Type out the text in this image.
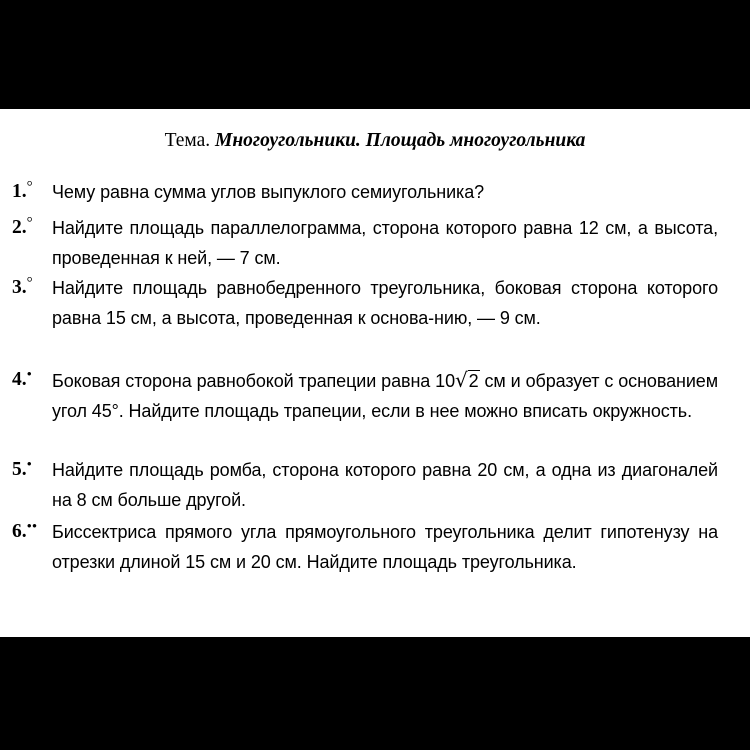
Тема. Многоугольники. Площадь многоугольника
1.°	Чему равна сумма углов выпуклого семиугольника?
2.°	Найдите площадь параллелограмма, сторона которого равна 12 см, а высота, проведенная к ней, — 7 см.
3.°	Найдите площадь равнобедренного треугольника, боковая сторона которого равна 15 см, а высота, проведенная к основа-нию, — 9 см.
4.•	Боковая сторона равнобокой трапеции равна 10√2 см и образует с основанием угол 45°. Найдите площадь трапеции, если в нее можно вписать окружность.
5.•	Найдите площадь ромба, сторона которого равна 20 см, а одна из диагоналей на 8 см больше другой.
6.•• Биссектриса прямого угла прямоугольного треугольника делит гипотенузу на отрезки длиной 15 см и 20 см. Найдите площадь треугольника.
